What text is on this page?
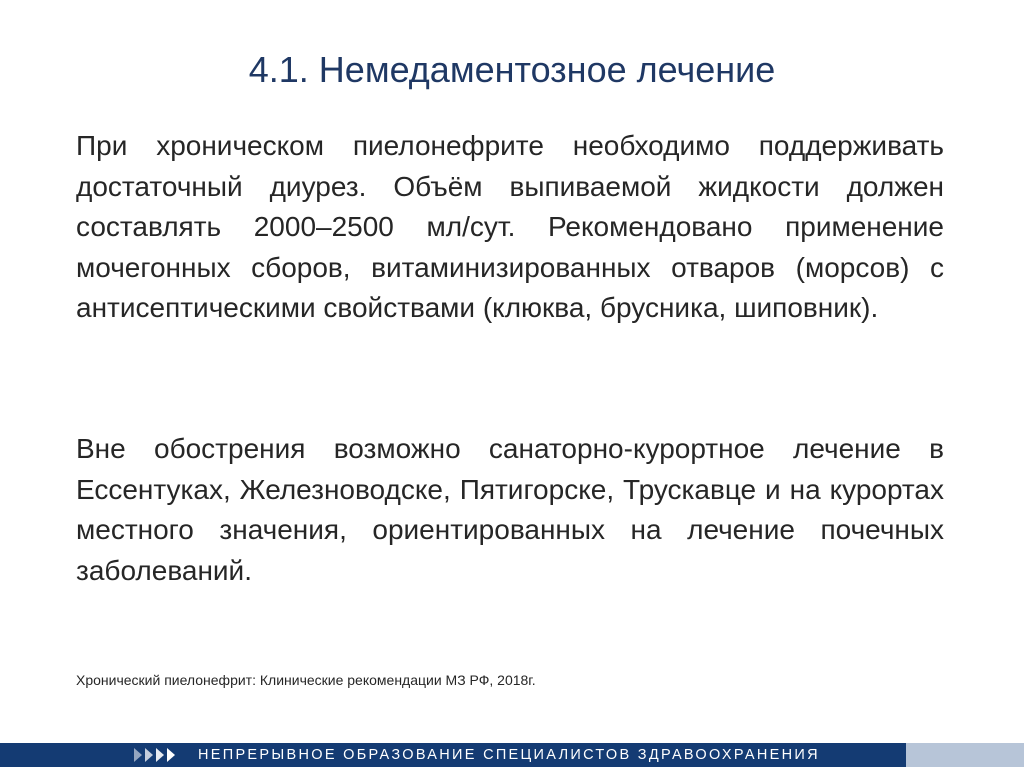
4.1. Немедаментозное лечение

При хроническом пиелонефрите необходимо поддерживать достаточный диурез. Объём выпиваемой жидкости должен составлять 2000–2500 мл/сут. Рекомендовано применение мочегонных сборов, витаминизированных отваров (морсов) с антисептическими свойствами (клюква, брусника, шиповник).

Вне обострения возможно санаторно-курортное лечение в Ессентуках, Железноводске, Пятигорске, Трускавце и на курортах местного значения, ориентированных на лечение почечных заболеваний.

Хронический пиелонефрит: Клинические рекомендации МЗ РФ, 2018г.
НЕПРЕРЫВНОЕ ОБРАЗОВАНИЕ СПЕЦИАЛИСТОВ ЗДРАВООХРАНЕНИЯ
